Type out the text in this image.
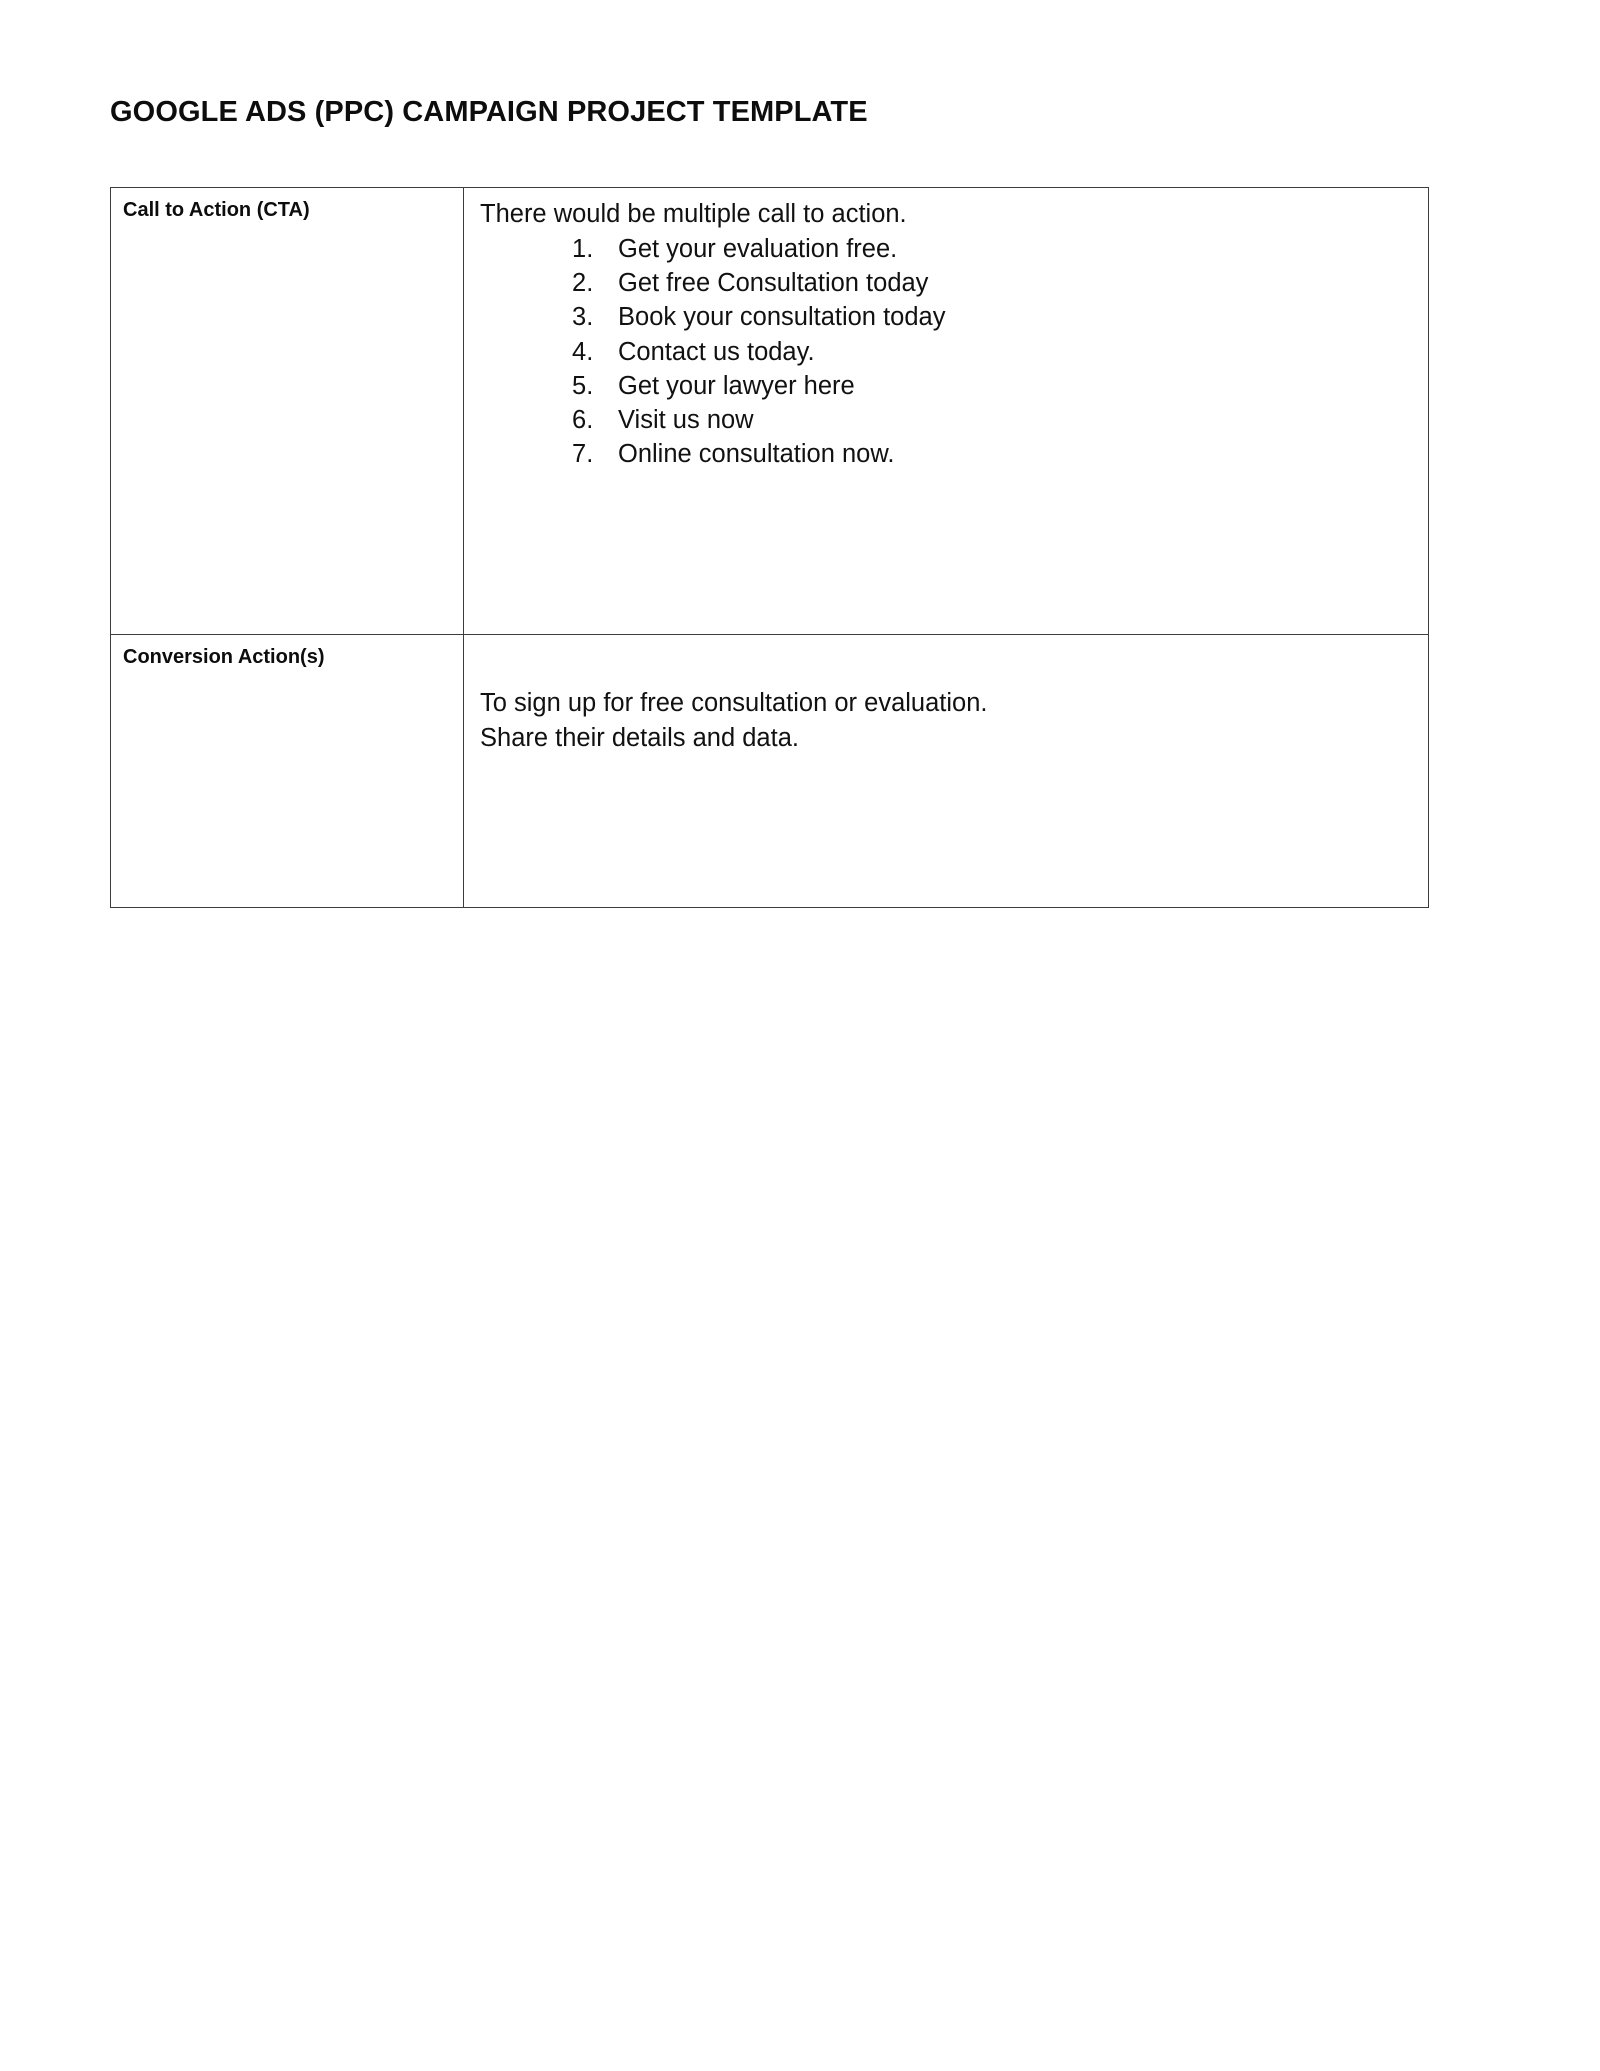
GOOGLE ADS (PPC) CAMPAIGN PROJECT TEMPLATE
Call to Action (CTA)	There would be multiple call to action.
Get your evaluation free.
Get free Consultation today
Book your consultation today
Contact us today.
Get your lawyer here
Visit us now
Online consultation now.

Conversion Action(s)	To sign up for free consultation or evaluation.
Share their details and data.
